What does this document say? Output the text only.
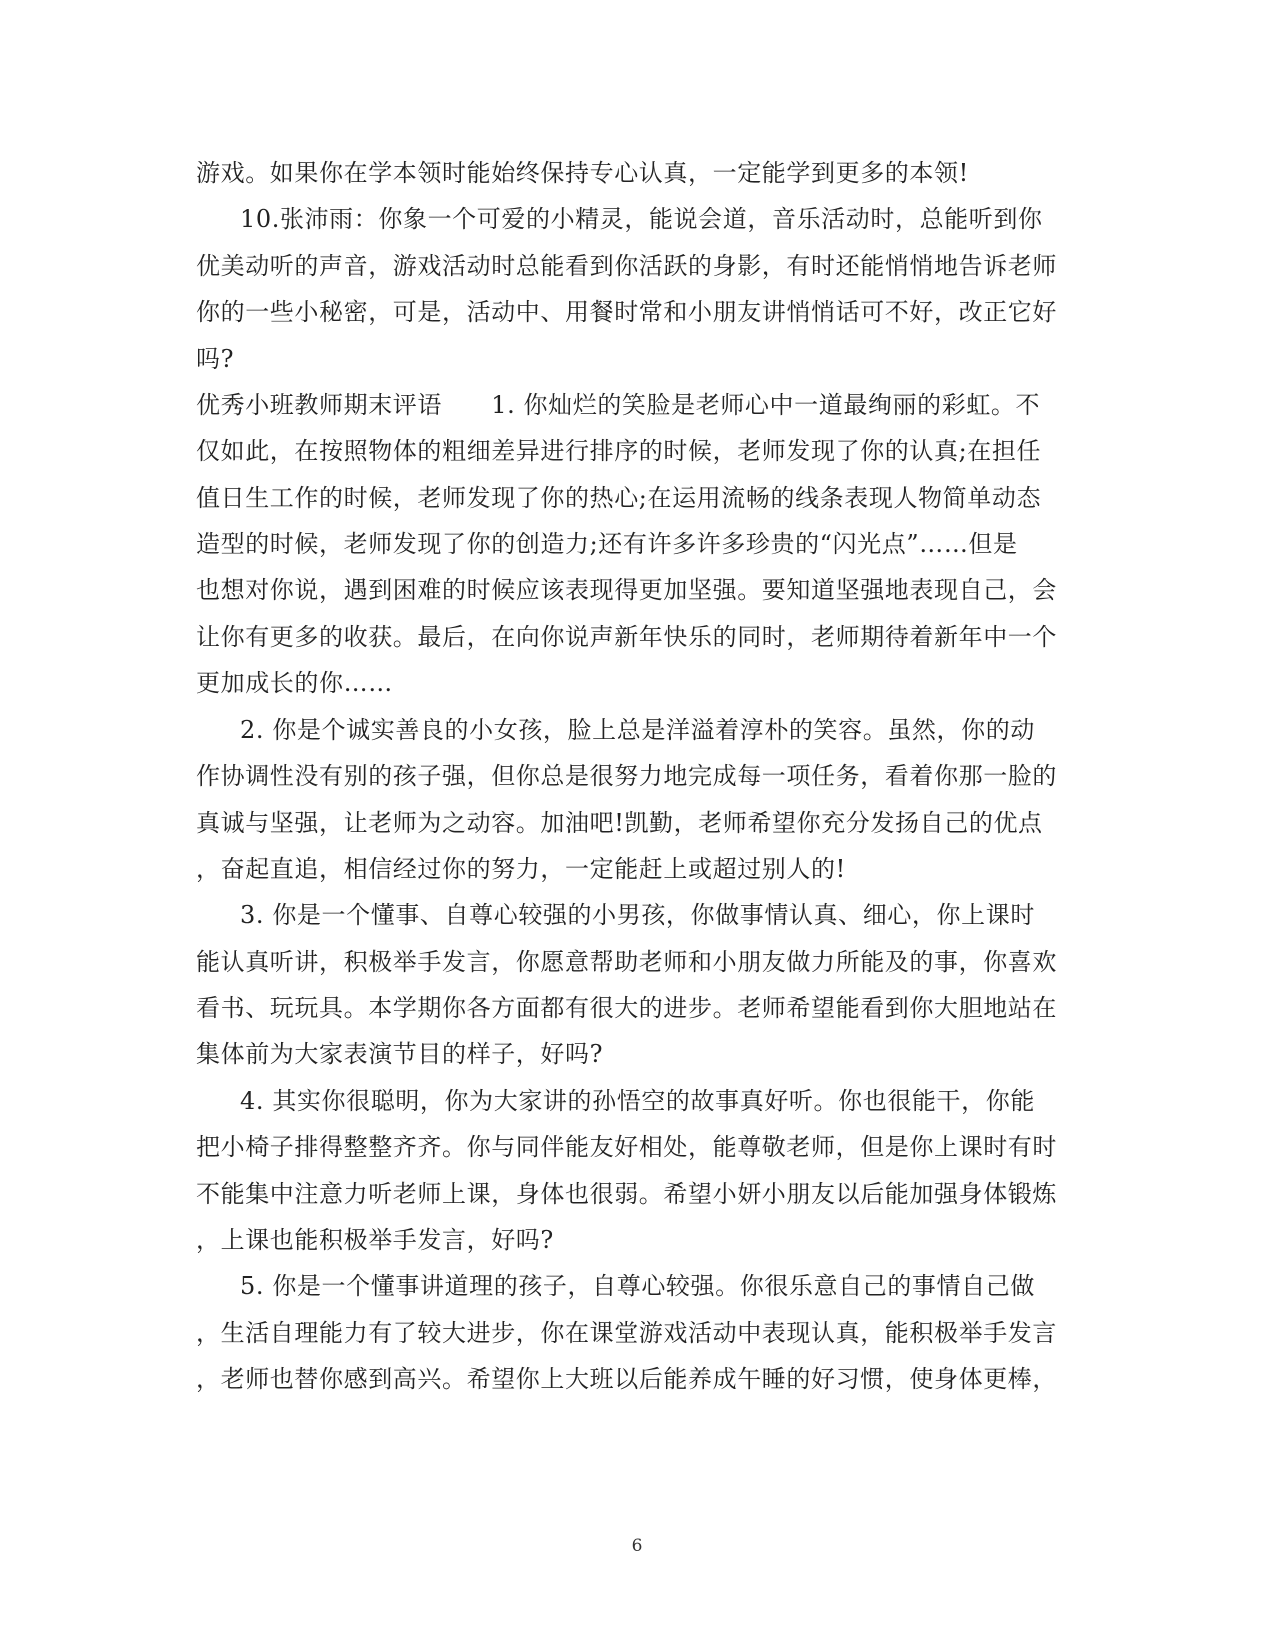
游戏。如果你在学本领时能始终保持专心认真，一定能学到更多的本领!
10.张沛雨：你象一个可爱的小精灵，能说会道，音乐活动时，总能听到你
优美动听的声音，游戏活动时总能看到你活跃的身影，有时还能悄悄地告诉老师
你的一些小秘密，可是，活动中、用餐时常和小朋友讲悄悄话可不好，改正它好
吗?
优秀小班教师期末评语　　1. 你灿烂的笑脸是老师心中一道最绚丽的彩虹。不
仅如此，在按照物体的粗细差异进行排序的时候，老师发现了你的认真;在担任
值日生工作的时候，老师发现了你的热心;在运用流畅的线条表现人物简单动态
造型的时候，老师发现了你的创造力;还有许多许多珍贵的“闪光点”……但是
也想对你说，遇到困难的时候应该表现得更加坚强。要知道坚强地表现自己，会
让你有更多的收获。最后，在向你说声新年快乐的同时，老师期待着新年中一个
更加成长的你……
2. 你是个诚实善良的小女孩，脸上总是洋溢着淳朴的笑容。虽然，你的动
作协调性没有别的孩子强，但你总是很努力地完成每一项任务，看着你那一脸的
真诚与坚强，让老师为之动容。加油吧!凯勤，老师希望你充分发扬自己的优点
，奋起直追，相信经过你的努力，一定能赶上或超过别人的!
3. 你是一个懂事、自尊心较强的小男孩，你做事情认真、细心，你上课时
能认真听讲，积极举手发言，你愿意帮助老师和小朋友做力所能及的事，你喜欢
看书、玩玩具。本学期你各方面都有很大的进步。老师希望能看到你大胆地站在
集体前为大家表演节目的样子，好吗?
4. 其实你很聪明，你为大家讲的孙悟空的故事真好听。你也很能干，你能
把小椅子排得整整齐齐。你与同伴能友好相处，能尊敬老师，但是你上课时有时
不能集中注意力听老师上课，身体也很弱。希望小妍小朋友以后能加强身体锻炼
，上课也能积极举手发言，好吗?
5. 你是一个懂事讲道理的孩子，自尊心较强。你很乐意自己的事情自己做
，生活自理能力有了较大进步，你在课堂游戏活动中表现认真，能积极举手发言
，老师也替你感到高兴。希望你上大班以后能养成午睡的好习惯，使身体更棒，
6
